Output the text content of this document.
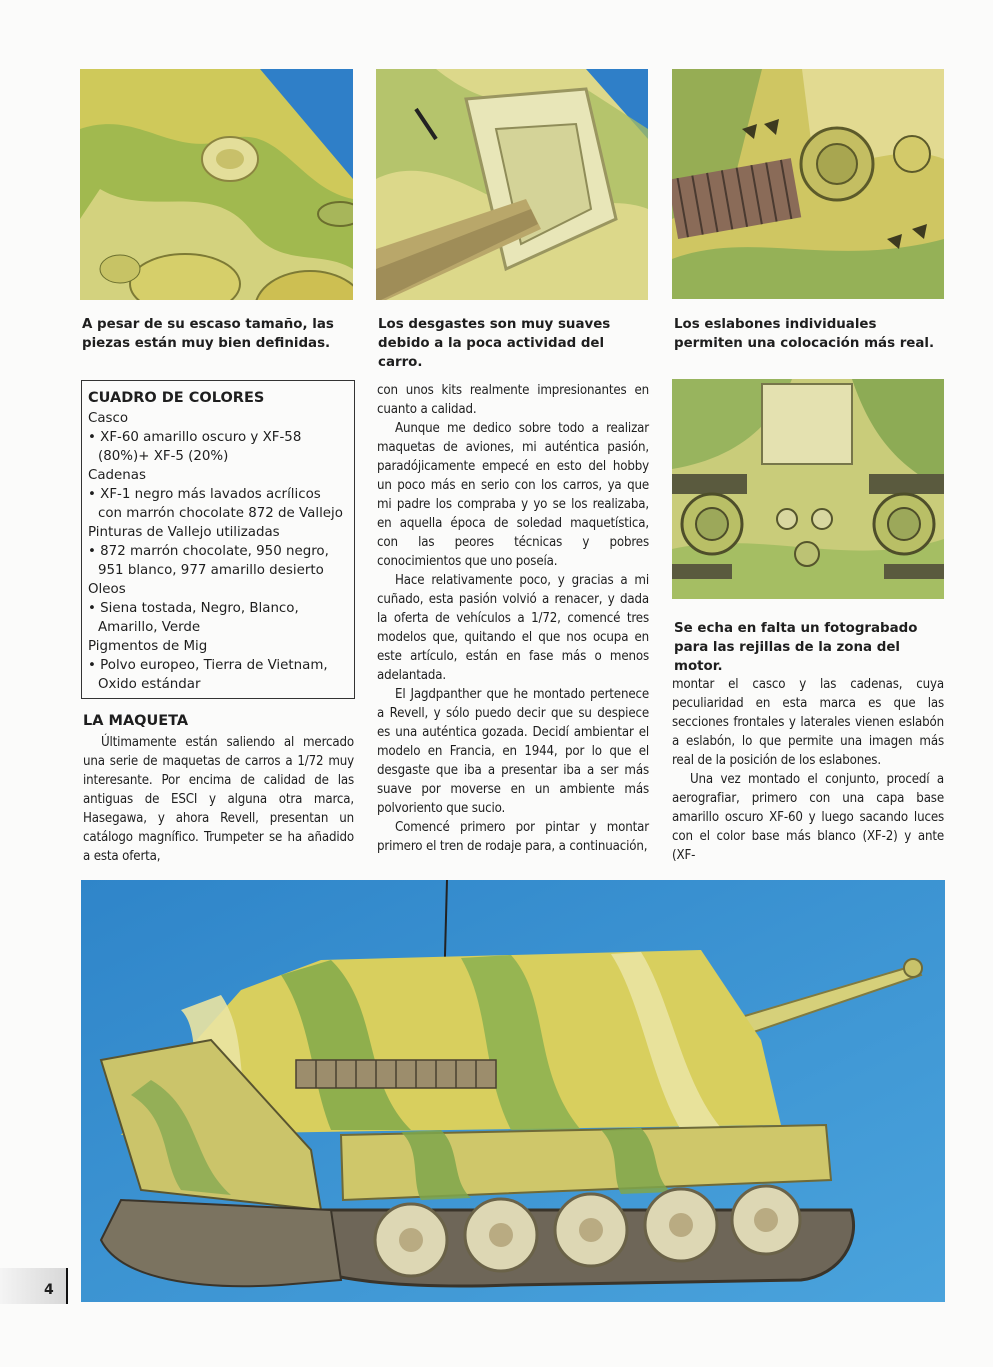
A pesar de su escaso tamaño, las piezas están muy bien definidas.
Los desgastes son muy suaves debido a la poca actividad del carro.
Los eslabones individuales permiten una colocación más real.
CUADRO DE COLORES
Casco
• XF-60 amarillo oscuro y XF-58 (80%)+ XF-5 (20%)
Cadenas
• XF-1 negro más lavados acrílicos con marrón chocolate 872 de Vallejo
Pinturas de Vallejo utilizadas
• 872 marrón chocolate, 950 negro, 951 blanco, 977 amarillo desierto
Oleos
• Siena tostada, Negro, Blanco, Amarillo, Verde
Pigmentos de Mig
• Polvo europeo, Tierra de Vietnam, Oxido estándar
LA MAQUETA

Últimamente están saliendo al mercado una serie de maquetas de carros a 1/72 muy interesante. Por encima de calidad de las antiguas de ESCI y alguna otra marca, Hasegawa, y ahora Revell, presentan un catálogo magnífico. Trumpeter se ha añadido a esta oferta,

con unos kits realmente impresionantes en cuanto a calidad.

Aunque me dedico sobre todo a realizar maquetas de aviones, mi auténtica pasión, paradójicamente empecé en esto del hobby un poco más en serio con los carros, ya que mi padre los compraba y yo se los realizaba, en aquella época de soledad maquetística, con las peores técnicas y pobres conocimientos que uno poseía.

Hace relativamente poco, y gracias a mi cuñado, esta pasión volvió a renacer, y dada la oferta de vehículos a 1/72, comencé tres modelos que, quitando el que nos ocupa en este artículo, están en fase más o menos adelantada.

El Jagdpanther que he montado pertenece a Revell, y sólo puedo decir que su despiece es una auténtica gozada. Decidí ambientar el modelo en Francia, en 1944, por lo que el desgaste que iba a presentar iba a ser más suave por moverse en un ambiente más polvoriento que sucio.

Comencé primero por pintar y montar primero el tren de rodaje para, a continuación,

Se echa en falta un fotograbado para las rejillas de la zona del motor.

montar el casco y las cadenas, cuya peculiaridad en esta marca es que las secciones frontales y laterales vienen eslabón a eslabón, lo que permite una imagen más real de la posición de los eslabones.

Una vez montado el conjunto, procedí a aerografiar, primero con una capa base amarillo oscuro XF-60 y luego sacando luces con el color base más blanco (XF-2) y ante (XF-

4
